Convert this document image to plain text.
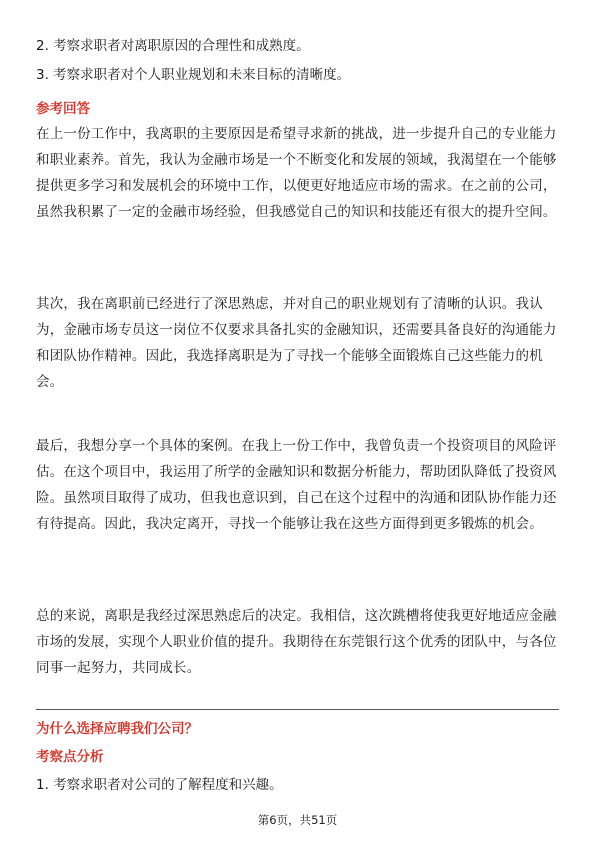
2. 考察求职者对离职原因的合理性和成熟度。
3. 考察求职者对个人职业规划和未来目标的清晰度。
参考回答
在上一份工作中，我离职的主要原因是希望寻求新的挑战，进一步提升自己的专业能力和职业素养。首先，我认为金融市场是一个不断变化和发展的领域，我渴望在一个能够提供更多学习和发展机会的环境中工作，以便更好地适应市场的需求。在之前的公司，虽然我积累了一定的金融市场经验，但我感觉自己的知识和技能还有很大的提升空间。
其次，我在离职前已经进行了深思熟虑，并对自己的职业规划有了清晰的认识。我认为，金融市场专员这一岗位不仅要求具备扎实的金融知识，还需要具备良好的沟通能力和团队协作精神。因此，我选择离职是为了寻找一个能够全面锻炼自己这些能力的机会。
最后，我想分享一个具体的案例。在我上一份工作中，我曾负责一个投资项目的风险评估。在这个项目中，我运用了所学的金融知识和数据分析能力，帮助团队降低了投资风险。虽然项目取得了成功，但我也意识到，自己在这个过程中的沟通和团队协作能力还有待提高。因此，我决定离开，寻找一个能够让我在这些方面得到更多锻炼的机会。
总的来说，离职是我经过深思熟虑后的决定。我相信，这次跳槽将使我更好地适应金融市场的发展，实现个人职业价值的提升。我期待在东莞银行这个优秀的团队中，与各位同事一起努力，共同成长。
为什么选择应聘我们公司？
考察点分析
1. 考察求职者对公司的了解程度和兴趣。
第6页，共51页
